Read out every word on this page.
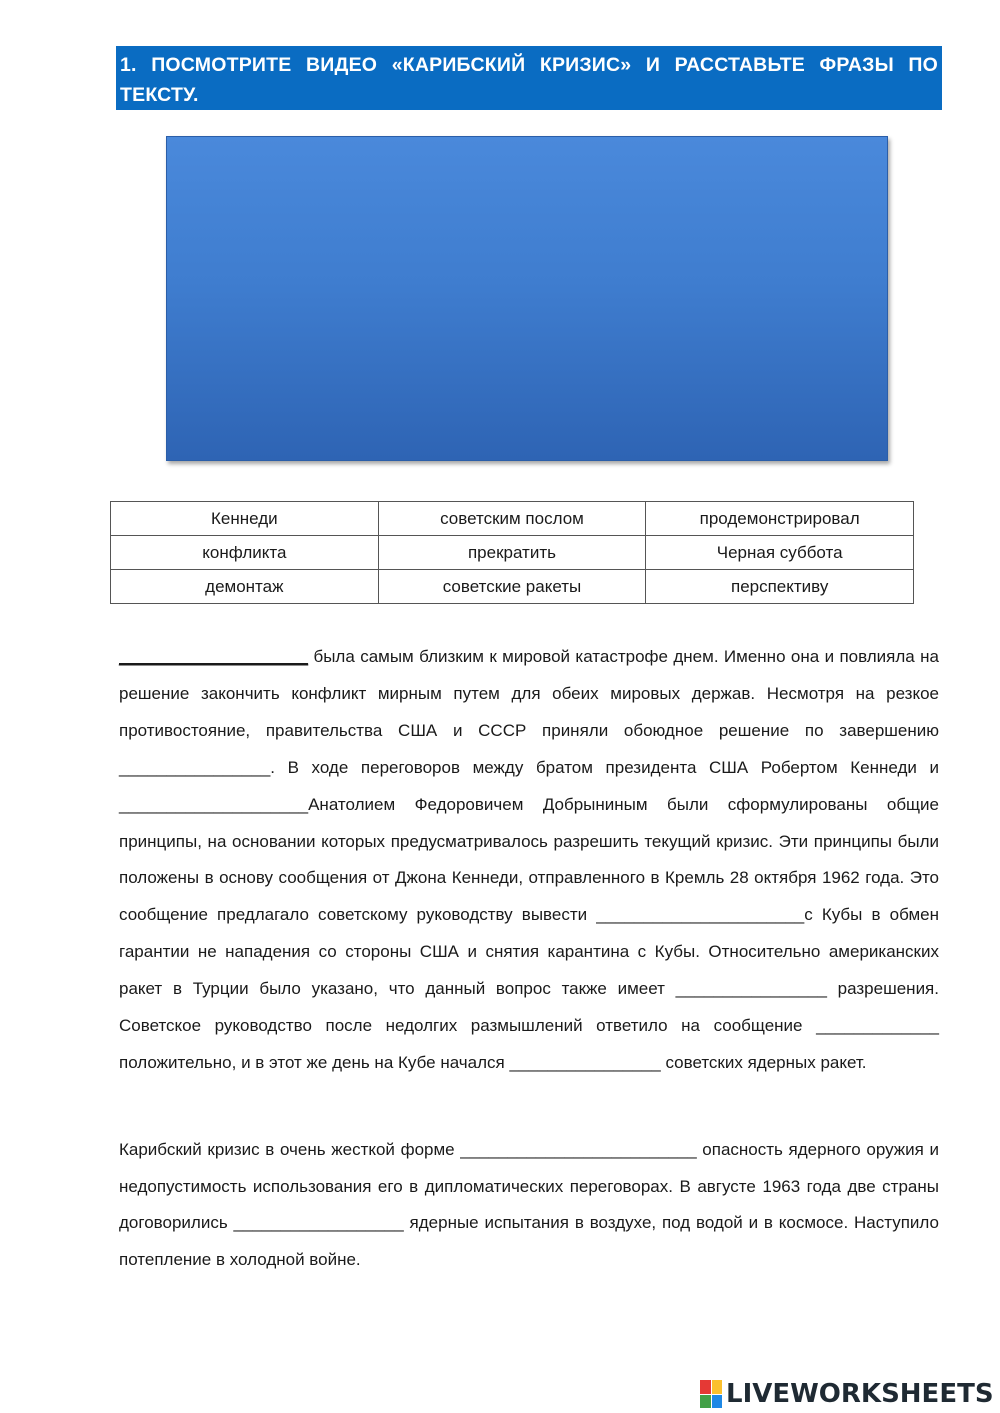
1. ПОСМОТРИТЕ ВИДЕО «КАРИБСКИЙ КРИЗИС» И РАССТАВЬТЕ ФРАЗЫ ПО ТЕКСТУ.

Кеннеди	советским послом	продемонстрировал
конфликта	прекратить	Черная суббота
демонтаж	советские ракеты	перспективу

____________________ была самым близким к мировой катастрофе днем. Именно она и повлияла на решение закончить конфликт мирным путем для обеих мировых держав. Несмотря на резкое противостояние, правительства США и СССР приняли обоюдное решение по завершению ________________. В ходе переговоров между братом президента США Робертом Кеннеди и ____________________Анатолием Федоровичем Добрыниным были сформулированы общие принципы, на основании которых предусматривалось разрешить текущий кризис. Эти принципы были положены в основу сообщения от Джона Кеннеди, отправленного в Кремль 28 октября 1962 года. Это сообщение предлагало советскому руководству вывести ______________________с Кубы в обмен гарантии не нападения со стороны США и снятия карантина с Кубы. Относительно американских ракет в Турции было указано, что данный вопрос также имеет ________________ разрешения. Советское руководство после недолгих размышлений ответило на сообщение _____________ положительно, и в этот же день на Кубе начался ________________ советских ядерных ракет.

Карибский кризис в очень жесткой форме _________________________ опасность ядерного оружия и недопустимость использования его в дипломатических переговорах. В августе 1963 года две страны договорились __________________ ядерные испытания в воздухе, под водой и в космосе. Наступило потепление в холодной войне.

LIVEWORKSHEETS
